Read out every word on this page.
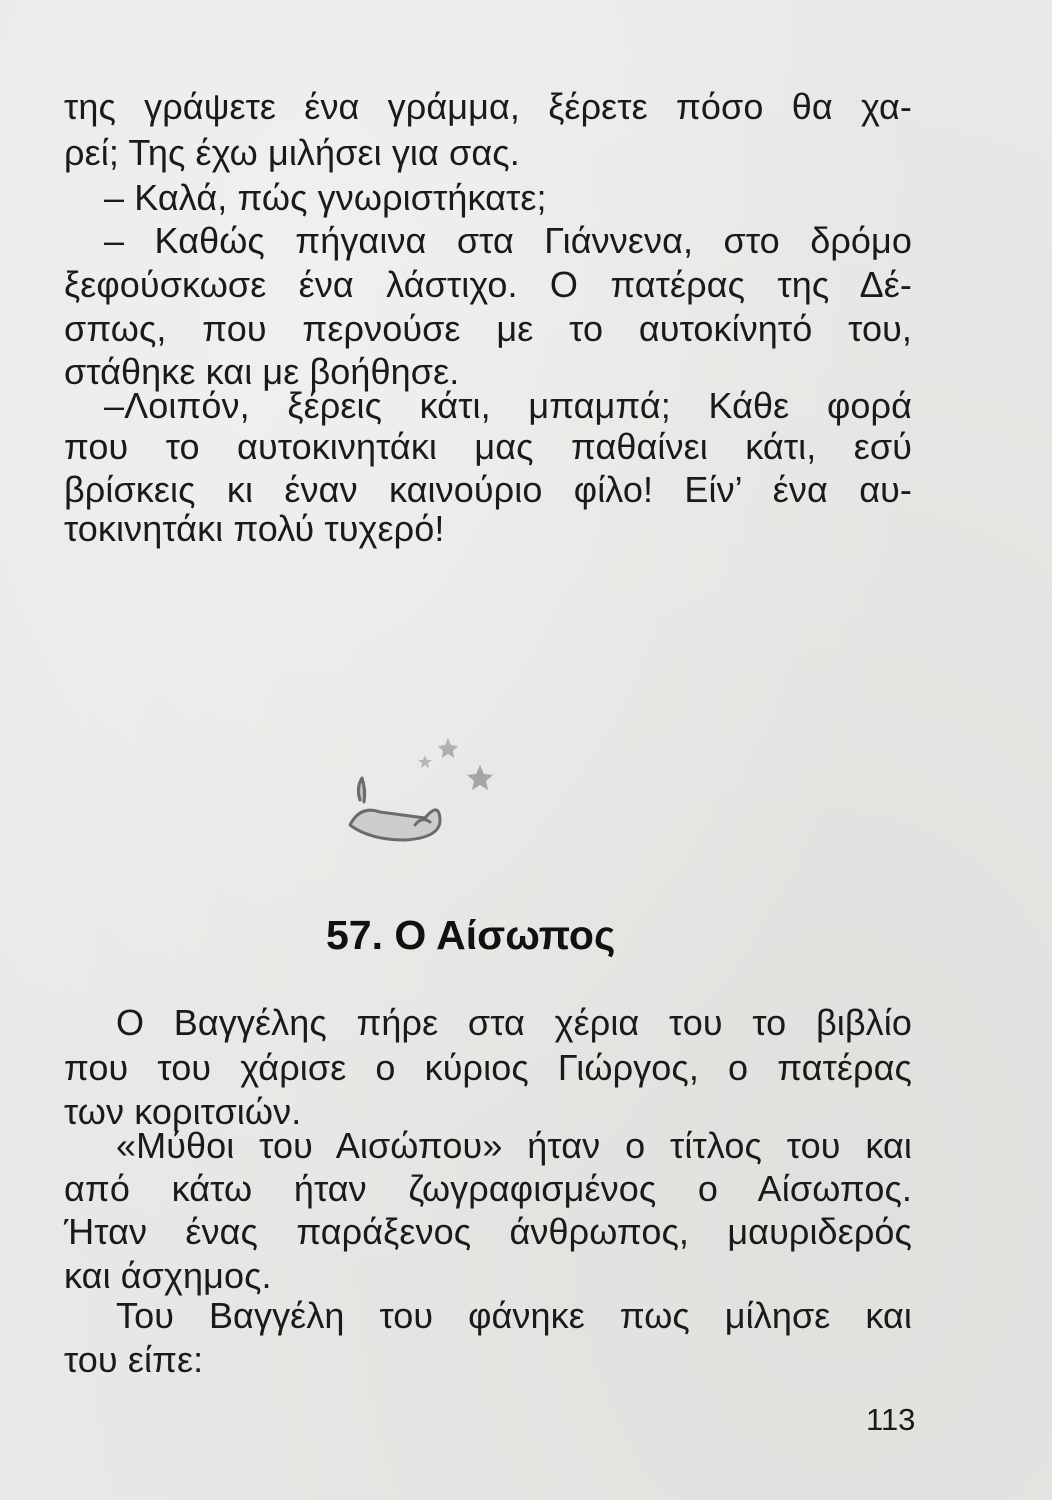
της γράψετε ένα γράμμα, ξέρετε πόσο θα χα-
ρεί; Της έχω μιλήσει για σας.
– Καλά, πώς γνωριστήκατε;
– Καθώς πήγαινα στα Γιάννενα, στο δρόμο
ξεφούσκωσε ένα λάστιχο. Ο πατέρας της Δέ-
σπως, που περνούσε με το αυτοκίνητό του,
στάθηκε και με βοήθησε.
–Λοιπόν, ξέρεις κάτι, μπαμπά; Κάθε φορά
που το αυτοκινητάκι μας παθαίνει κάτι, εσύ
βρίσκεις κι έναν καινούριο φίλο! Είν’ ένα αυ-
τοκινητάκι πολύ τυχερό!
57. Ο Αίσωπος
Ο Βαγγέλης πήρε στα χέρια του το βιβλίο
που του χάρισε ο κύριος Γιώργος, ο πατέρας
των κοριτσιών.
«Μύθοι του Αισώπου» ήταν ο τίτλος του και
από κάτω ήταν ζωγραφισμένος ο Αίσωπος.
Ήταν ένας παράξενος άνθρωπος, μαυριδερός
και άσχημος.
Του Βαγγέλη του φάνηκε πως μίλησε και
του είπε:
113
